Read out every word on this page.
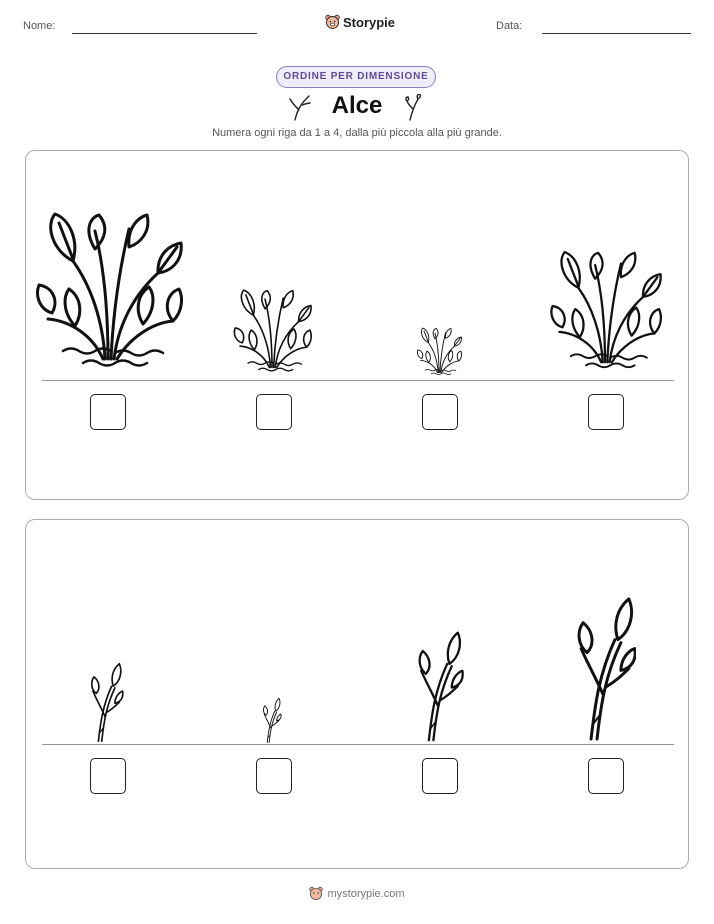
Nome:	Storypie	Data:
ORDINE PER DIMENSIONE
Alce
Numera ogni riga da 1 a 4, dalla più piccola alla più grande.
mystorypie.com
